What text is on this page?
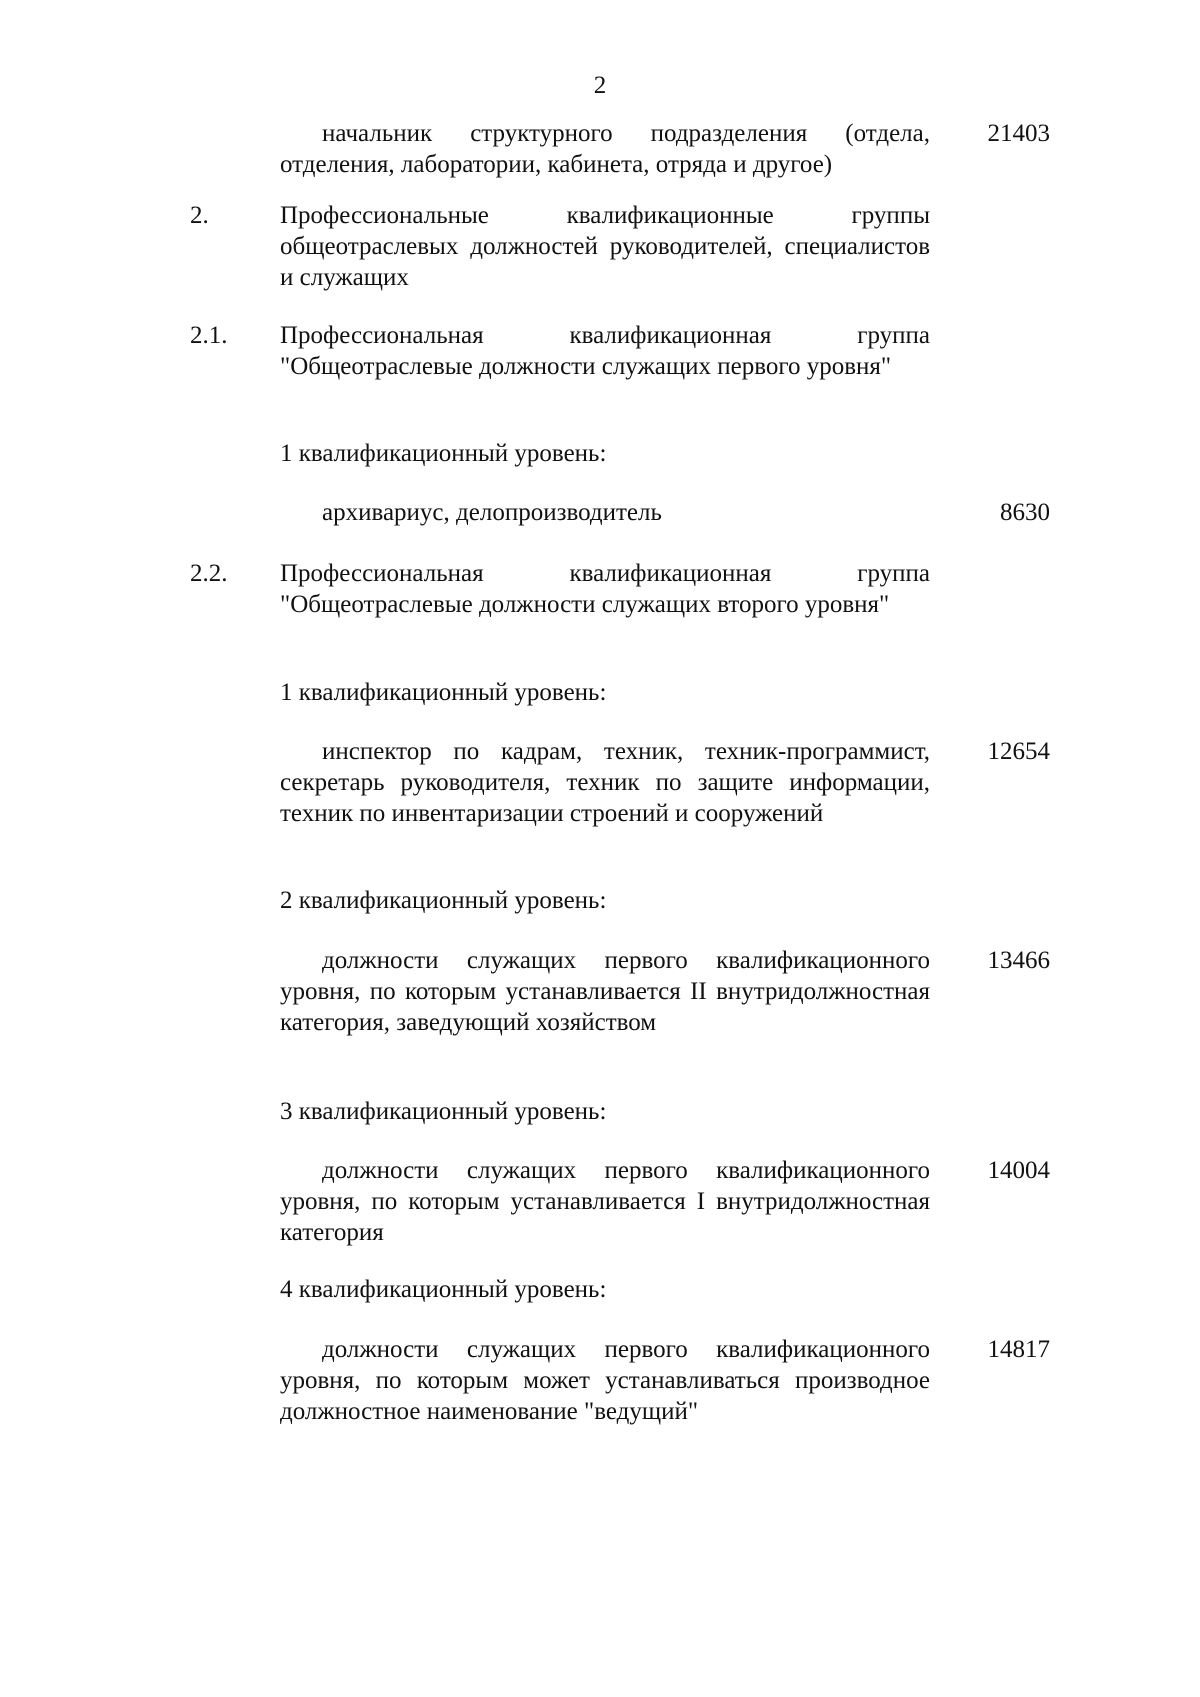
2
начальник структурного подразделения (отдела, отделения, лаборатории, кабинета, отряда и другое)
21403
2.	Профессиональные квалификационные группы общеотраслевых должностей руководителей, специалистов и служащих
2.1. Профессиональная квалификационная группа "Общеотраслевые должности служащих первого уровня"
1 квалификационный уровень:
архивариус, делопроизводитель	8630
2.2. Профессиональная квалификационная группа "Общеотраслевые должности служащих второго уровня"
1 квалификационный уровень:
инспектор по кадрам, техник, техник-программист, секретарь руководителя, техник по защите информации, техник по инвентаризации строений и сооружений
12654
2 квалификационный уровень:
должности служащих первого квалификационного уровня, по которым устанавливается II внутридолжностная категория, заведующий хозяйством
13466
3 квалификационный уровень:
должности служащих первого квалификационного уровня, по которым устанавливается I внутридолжностная категория
14004
4 квалификационный уровень:
должности служащих первого квалификационного уровня, по которым может устанавливаться производное должностное наименование "ведущий"
14817
